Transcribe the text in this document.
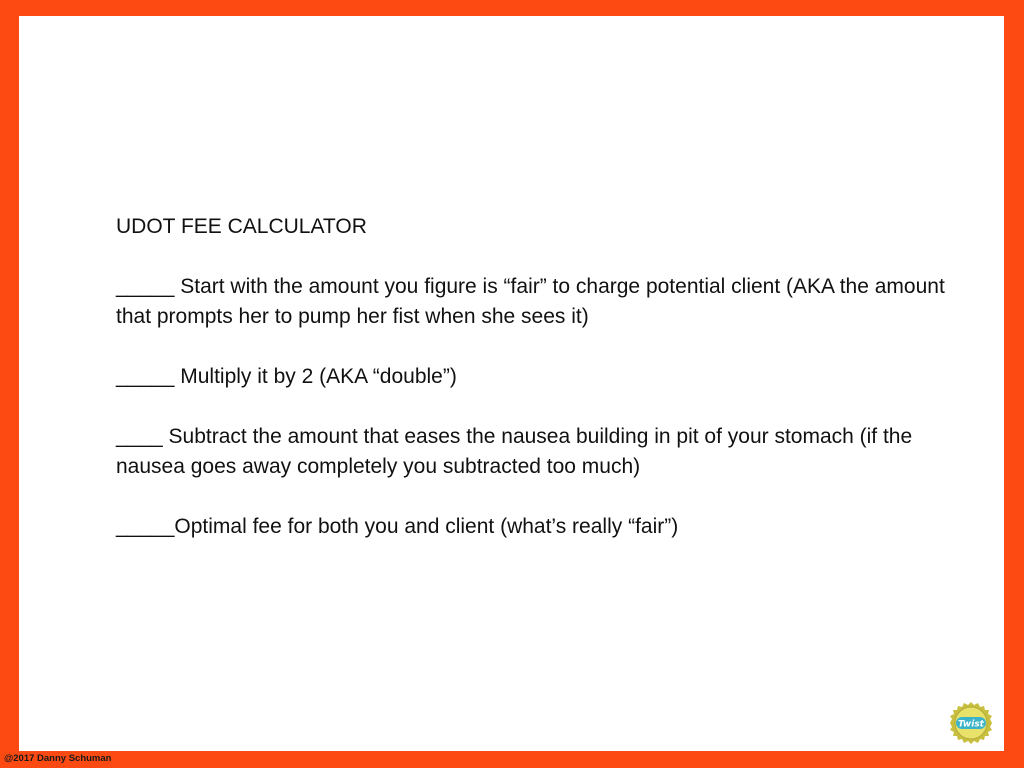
UDOT FEE CALCULATOR
_____ Start with the amount you figure is “fair” to charge potential client (AKA the amount that prompts her to pump her fist when she sees it)
_____ Multiply it by 2 (AKA “double”)
____ Subtract the amount that eases the nausea building in pit of your stomach (if the nausea goes away completely you subtracted too much)
_____Optimal fee for both you and client (what’s really “fair”)
Twist
@2017 Danny Schuman
